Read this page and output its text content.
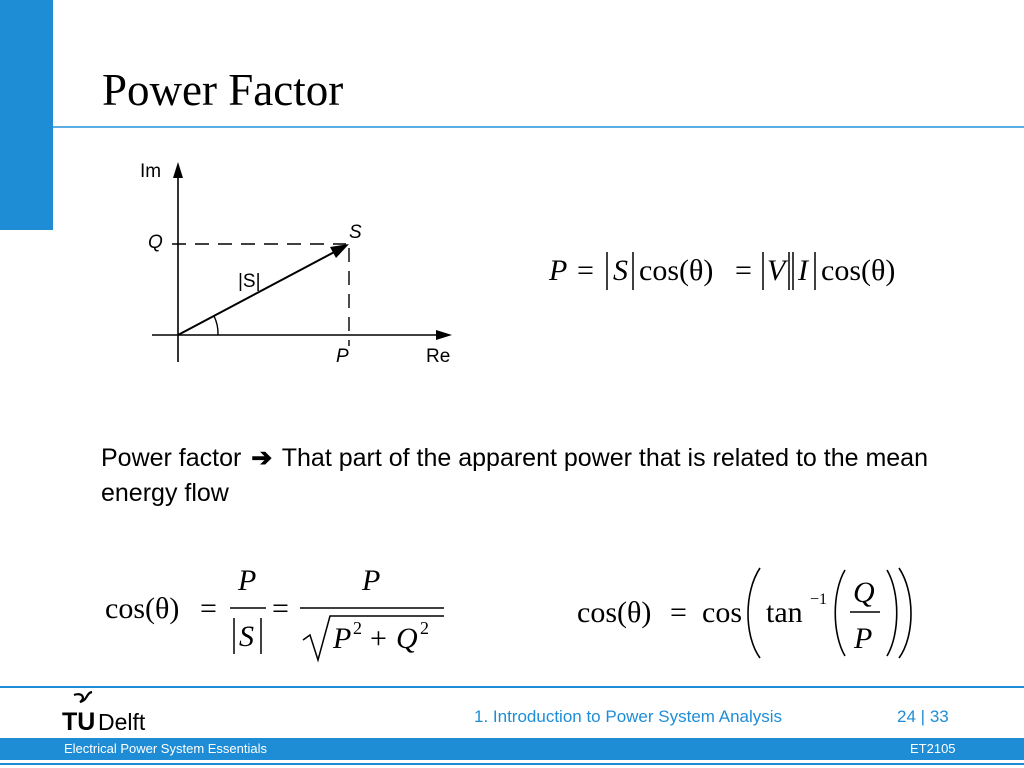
Power Factor
Im
Q	S
|S|
P	Re
P = S cos(θ) = V I cos(θ)
Power factor ➔ That part of the apparent power that is related to the mean energy flow
cos(θ) =
P
S
=
P
P 2 + Q 2	cos(θ) = cos tan −1 Q
P
TU Delft	1. Introduction to Power System Analysis	24 | 33
Electrical Power System Essentials	ET2105
